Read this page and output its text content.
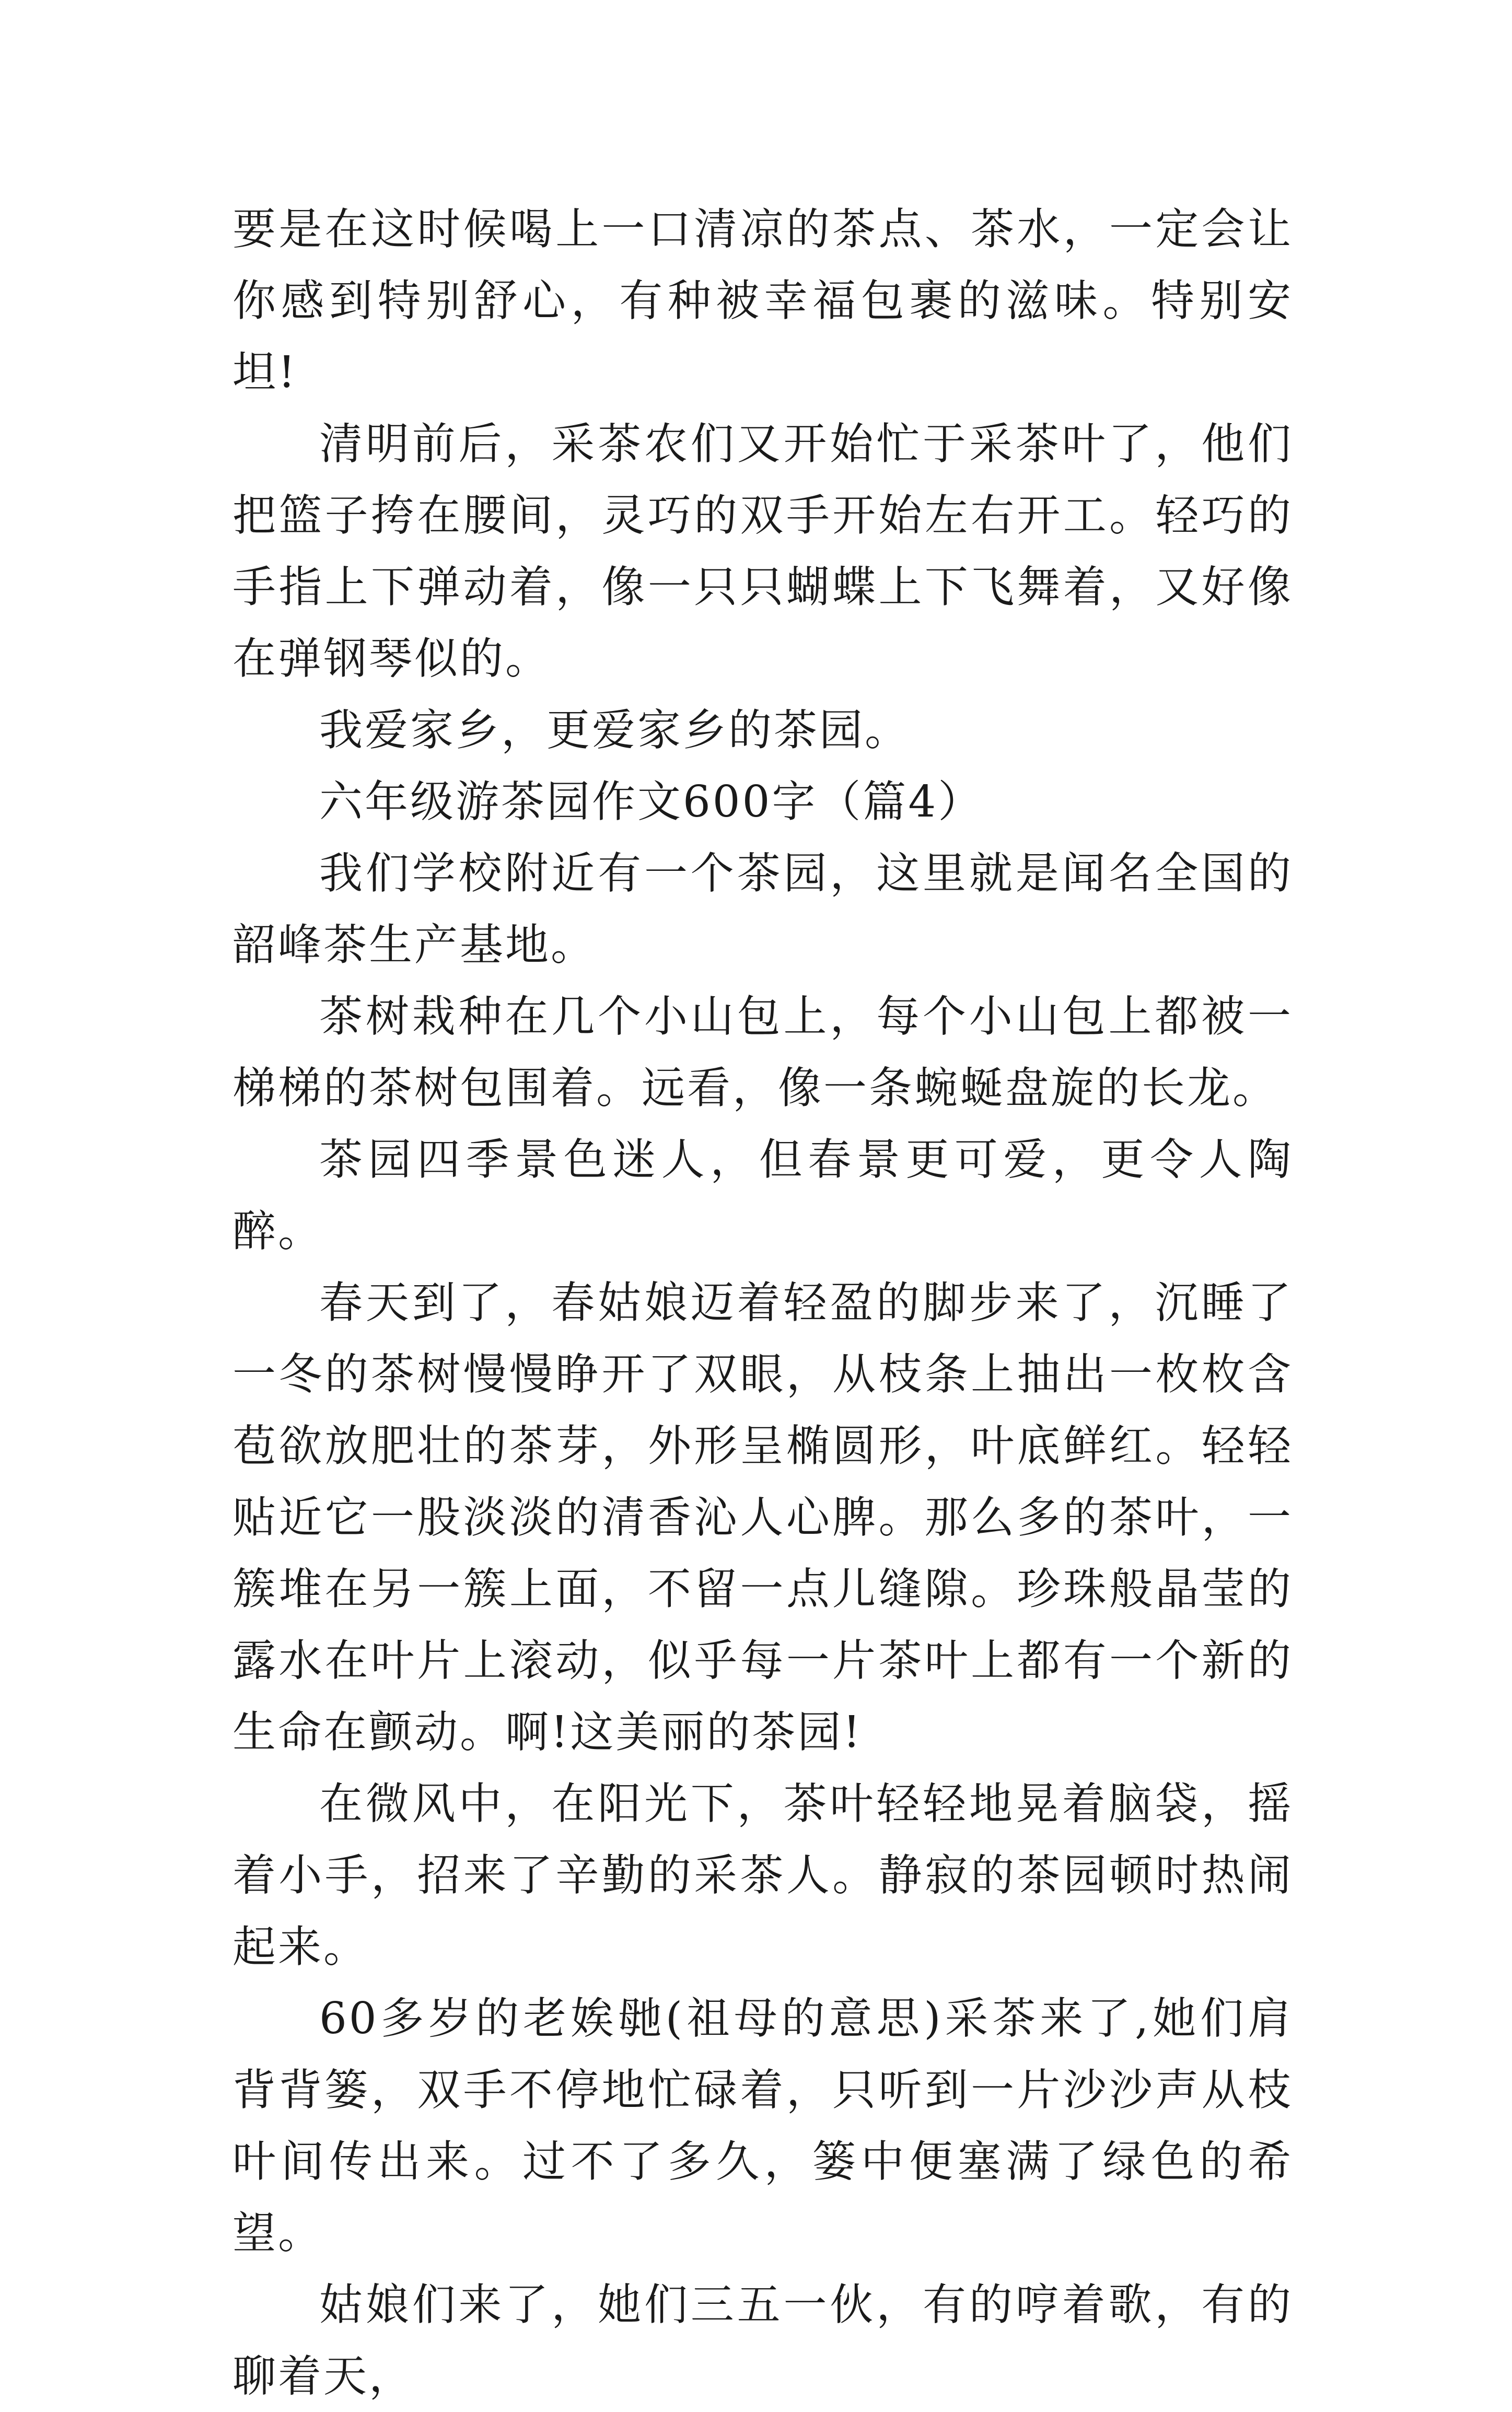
要是在这时候喝上一口清凉的茶点、茶水，一定会让你感到特别舒心，有种被幸福包裹的滋味。特别安坦!

清明前后，采茶农们又开始忙于采茶叶了，他们把篮子挎在腰间，灵巧的双手开始左右开工。轻巧的手指上下弹动着，像一只只蝴蝶上下飞舞着，又好像在弹钢琴似的。

我爱家乡，更爱家乡的茶园。

六年级游茶园作文600字（篇4）

我们学校附近有一个茶园，这里就是闻名全国的韶峰茶生产基地。

茶树栽种在几个小山包上，每个小山包上都被一梯梯的茶树包围着。远看，像一条蜿蜒盘旋的长龙。

茶园四季景色迷人，但春景更可爱，更令人陶醉。

春天到了，春姑娘迈着轻盈的脚步来了，沉睡了一冬的茶树慢慢睁开了双眼，从枝条上抽出一枚枚含苞欲放肥壮的茶芽，外形呈椭圆形，叶底鲜红。轻轻贴近它一股淡淡的清香沁人心脾。那么多的茶叶，一簇堆在另一簇上面，不留一点儿缝隙。珍珠般晶莹的露水在叶片上滚动，似乎每一片茶叶上都有一个新的生命在颤动。啊!这美丽的茶园!

在微风中，在阳光下，茶叶轻轻地晃着脑袋，摇着小手，招来了辛勤的采茶人。静寂的茶园顿时热闹起来。

60多岁的老娭毑(祖母的意思)采茶来了,她们肩背背篓，双手不停地忙碌着，只听到一片沙沙声从枝叶间传出来。过不了多久，篓中便塞满了绿色的希望。

姑娘们来了，她们三五一伙，有的哼着歌，有的聊着天，
